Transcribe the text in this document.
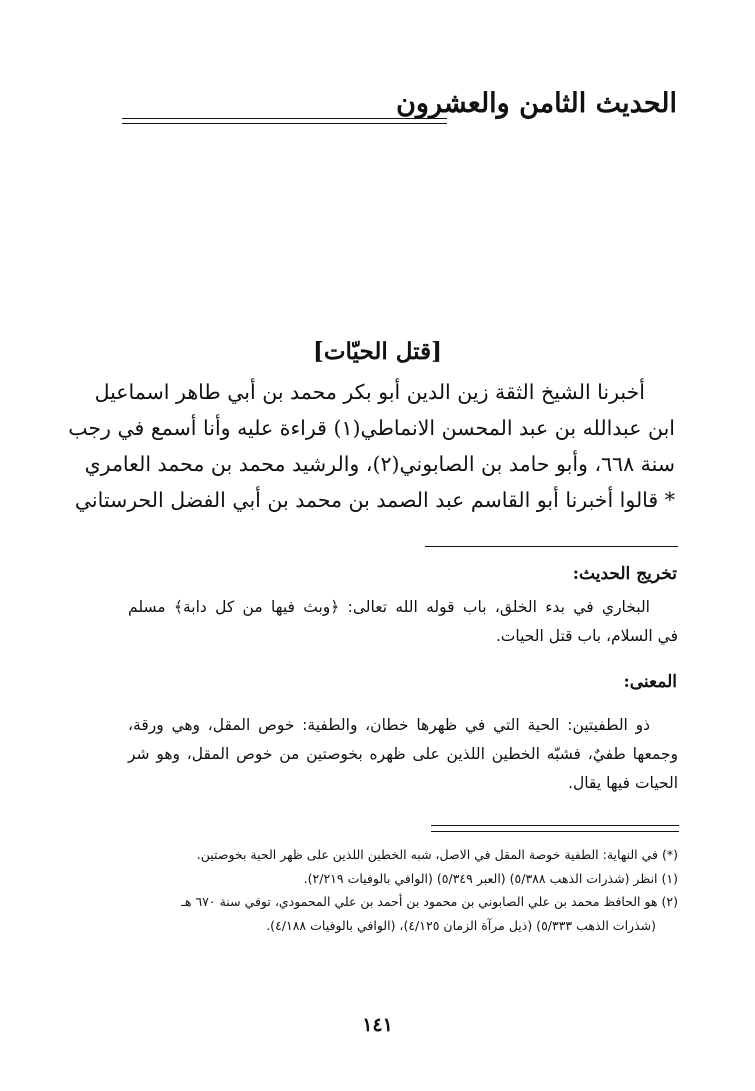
الحديث الثامن والعشرون
[قتل الحيّات]
أخبرنا الشيخ الثقة زين الدين أبو بكر محمد بن أبي طاهر اسماعيل
ابن عبدالله بن عبد المحسن الانماطي(١) قراءة عليه وأنا أسمع في رجب
سنة ٦٦٨، وأبو حامد بن الصابوني(٢)، والرشيد محمد بن محمد العامري
* قالوا أخبرنا أبو القاسم عبد الصمد بن محمد بن أبي الفضل الحرستاني
تخريج الحديث:
البخاري في بدء الخلق، باب قوله الله تعالى: ﴿وبث فيها من كل دابة﴾ مسلم
في السلام، باب قتل الحيات.
المعنى:
ذو الطفيتين: الحية التي في ظهرها خطان، والطفية: خوص المقل، وهي ورقة،
وجمعها طفيٌ، فشبّه الخطين اللذين على ظهره بخوصتين من خوص المقل، وهو شر
الحيات فيها يقال.
(*) في النهاية: الطفية خوصة المقل في الاصل، شبه الخطين اللذين على ظهر الحية بخوصتين.
(١) انظر (شذرات الذهب ٥/٣٨٨) (العبر ٥/٣٤٩) (الوافي بالوفيات ٢/٢١٩).
(٢) هو الحافظ محمد بن علي الصابوني بن محمود بن أحمد بن علي المحمودي، توفي سنة ٦٧٠ هـ
(شذرات الذهب ٥/٣٣٣) (ذيل مرآة الزمان ٤/١٢٥)، (الوافي بالوفيات ٤/١٨٨).
١٤١
